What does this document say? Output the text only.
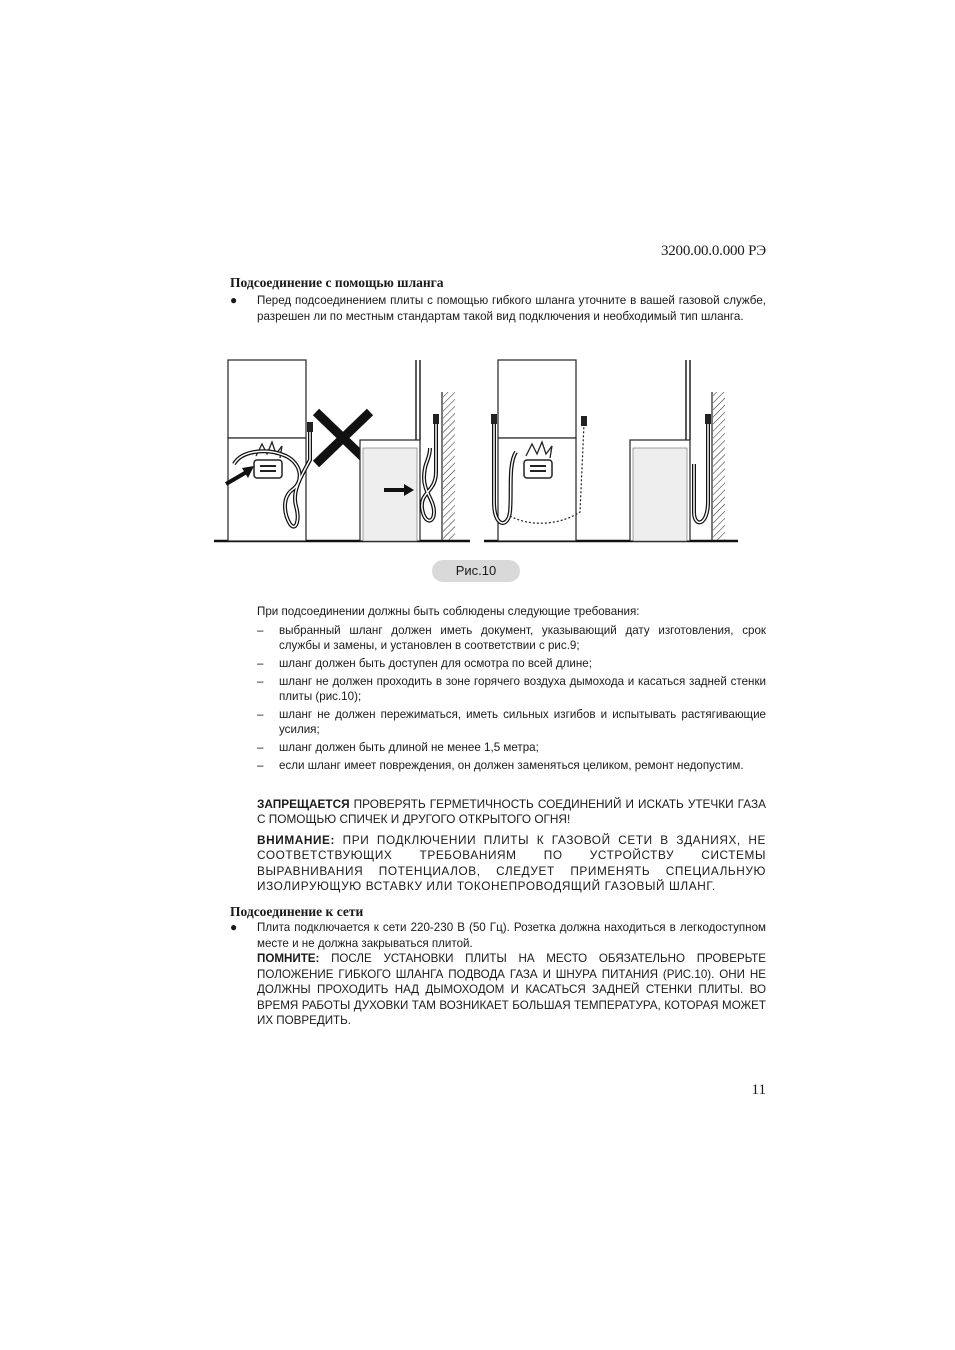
3200.00.0.000 РЭ
Подсоединение с помощью шланга
● Перед подсоединением плиты с помощью гибкого шланга уточните в вашей газовой службе, разрешен ли по местным стандартам такой вид подключения и необходимый тип шланга.
Рис.10
При подсоединении должны быть соблюдены следующие требования:
– выбранный шланг должен иметь документ, указывающий дату изготовления, срок службы и замены, и установлен в соответствии с рис.9;
– шланг должен быть доступен для осмотра по всей длине;
– шланг не должен проходить в зоне горячего воздуха дымохода и касаться задней стенки плиты (рис.10);
– шланг не должен пережиматься, иметь сильных изгибов и испытывать растягивающие усилия;
– шланг должен быть длиной не менее 1,5 метра;
– если шланг имеет повреждения, он должен заменяться целиком, ремонт недопустим.
ЗАПРЕЩАЕТСЯ ПРОВЕРЯТЬ ГЕРМЕТИЧНОСТЬ СОЕДИНЕНИЙ И ИСКАТЬ УТЕЧКИ ГАЗА С ПОМОЩЬЮ СПИЧЕК И ДРУГОГО ОТКРЫТОГО ОГНЯ!
ВНИМАНИЕ: ПРИ ПОДКЛЮЧЕНИИ ПЛИТЫ К ГАЗОВОЙ СЕТИ В ЗДАНИЯХ, НЕ СООТВЕТСТВУЮЩИХ ТРЕБОВАНИЯМ ПО УСТРОЙСТВУ СИСТЕМЫ ВЫРАВНИВАНИЯ ПОТЕНЦИАЛОВ, СЛЕДУЕТ ПРИМЕНЯТЬ СПЕЦИАЛЬНУЮ ИЗОЛИРУЮЩУЮ ВСТАВКУ ИЛИ ТОКОНЕПРОВОДЯЩИЙ ГАЗОВЫЙ ШЛАНГ.
Подсоединение к сети
● Плита подключается к сети 220-230 В (50 Гц). Розетка должна находиться в легкодоступном месте и не должна закрываться плитой.
ПОМНИТЕ: ПОСЛЕ УСТАНОВКИ ПЛИТЫ НА МЕСТО ОБЯЗАТЕЛЬНО ПРОВЕРЬТЕ ПОЛОЖЕНИЕ ГИБКОГО ШЛАНГА ПОДВОДА ГАЗА И ШНУРА ПИТАНИЯ (РИС.10). ОНИ НЕ ДОЛЖНЫ ПРОХОДИТЬ НАД ДЫМОХОДОМ И КАСАТЬСЯ ЗАДНЕЙ СТЕНКИ ПЛИТЫ. ВО ВРЕМЯ РАБОТЫ ДУХОВКИ ТАМ ВОЗНИКАЕТ БОЛЬШАЯ ТЕМПЕРАТУРА, КОТОРАЯ МОЖЕТ ИХ ПОВРЕДИТЬ.
11
